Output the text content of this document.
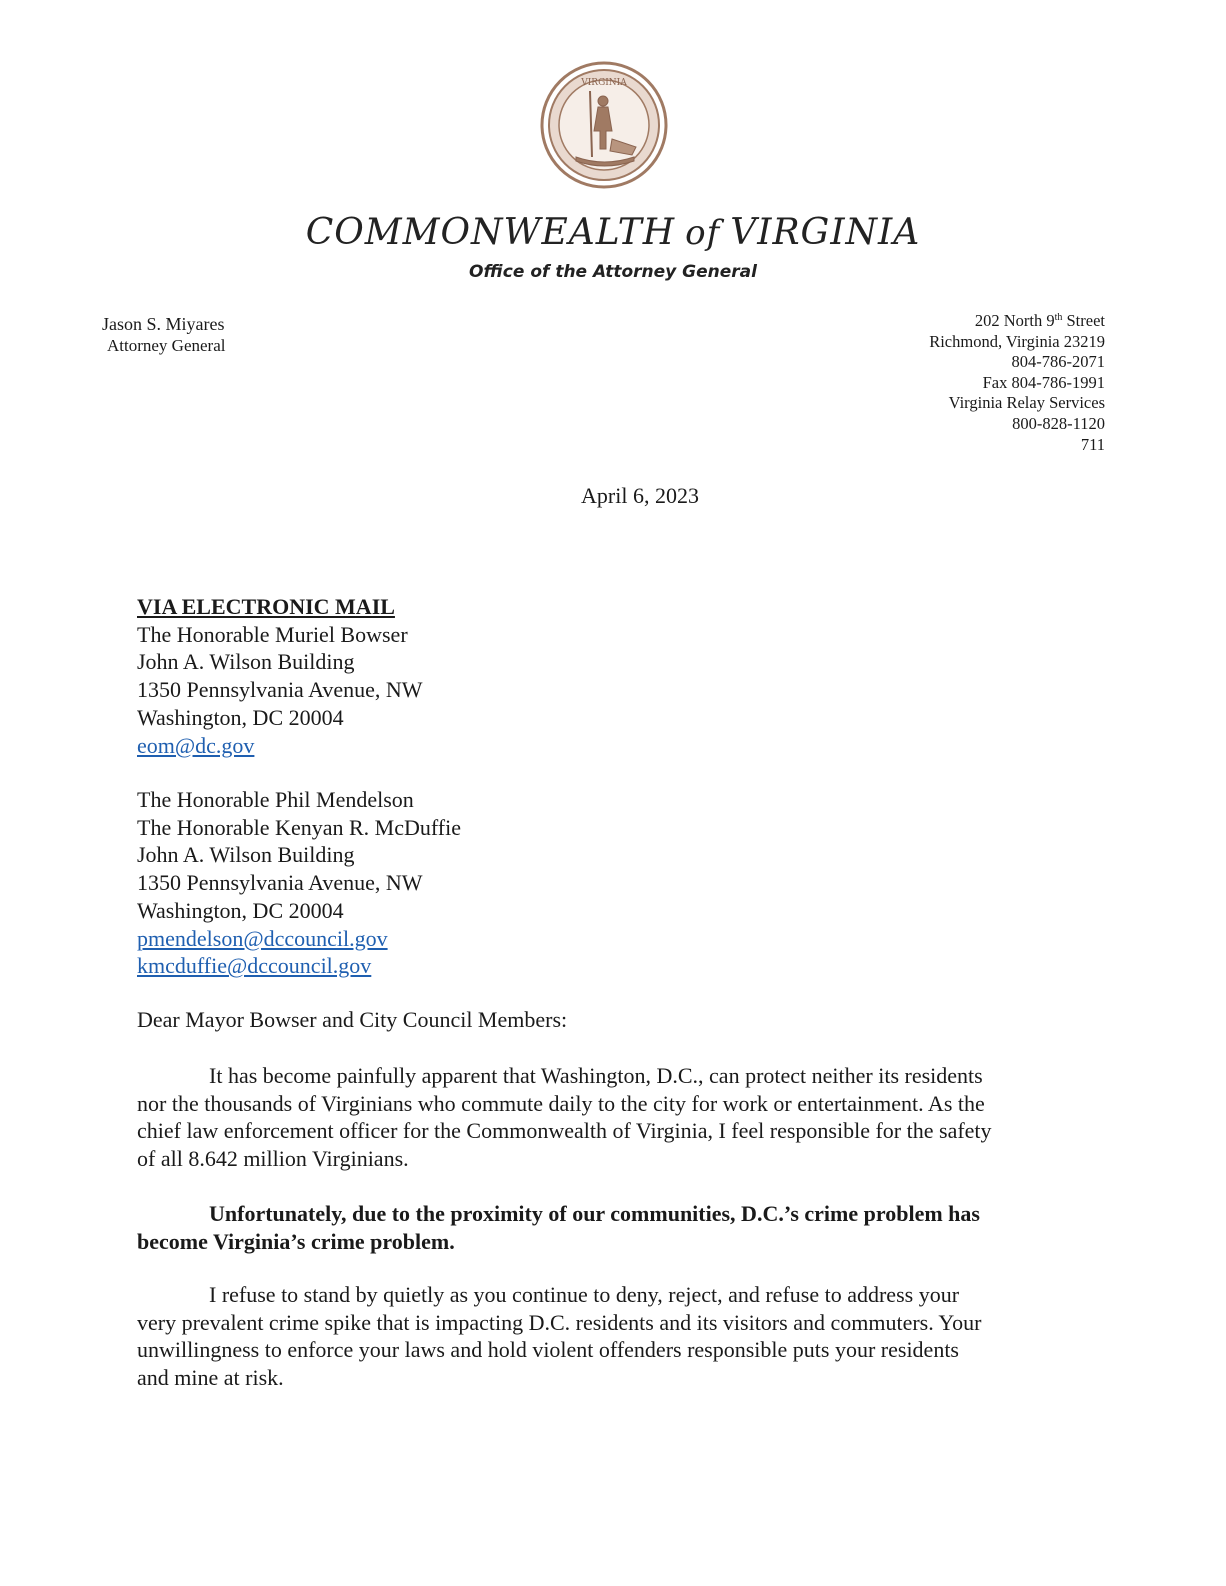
VIRGINIA
COMMONWEALTH of VIRGINIA
Office of the Attorney General
Jason S. Miyares
Attorney General
202 North 9th Street
Richmond, Virginia 23219
804-786-2071
Fax 804-786-1991
Virginia Relay Services
800-828-1120
711
April 6, 2023
VIA ELECTRONIC MAIL
The Honorable Muriel Bowser
John A. Wilson Building
1350 Pennsylvania Avenue, NW
Washington, DC 20004
eom@dc.gov
The Honorable Phil Mendelson
The Honorable Kenyan R. McDuffie
John A. Wilson Building
1350 Pennsylvania Avenue, NW
Washington, DC 20004
pmendelson@dccouncil.gov
kmcduffie@dccouncil.gov
Dear Mayor Bowser and City Council Members:
It has become painfully apparent that Washington, D.C., can protect neither its residents
nor the thousands of Virginians who commute daily to the city for work or entertainment. As the
chief law enforcement officer for the Commonwealth of Virginia, I feel responsible for the safety
of all 8.642 million Virginians.
Unfortunately, due to the proximity of our communities, D.C.’s crime problem has
become Virginia’s crime problem.
I refuse to stand by quietly as you continue to deny, reject, and refuse to address your
very prevalent crime spike that is impacting D.C. residents and its visitors and commuters. Your
unwillingness to enforce your laws and hold violent offenders responsible puts your residents
and mine at risk.
